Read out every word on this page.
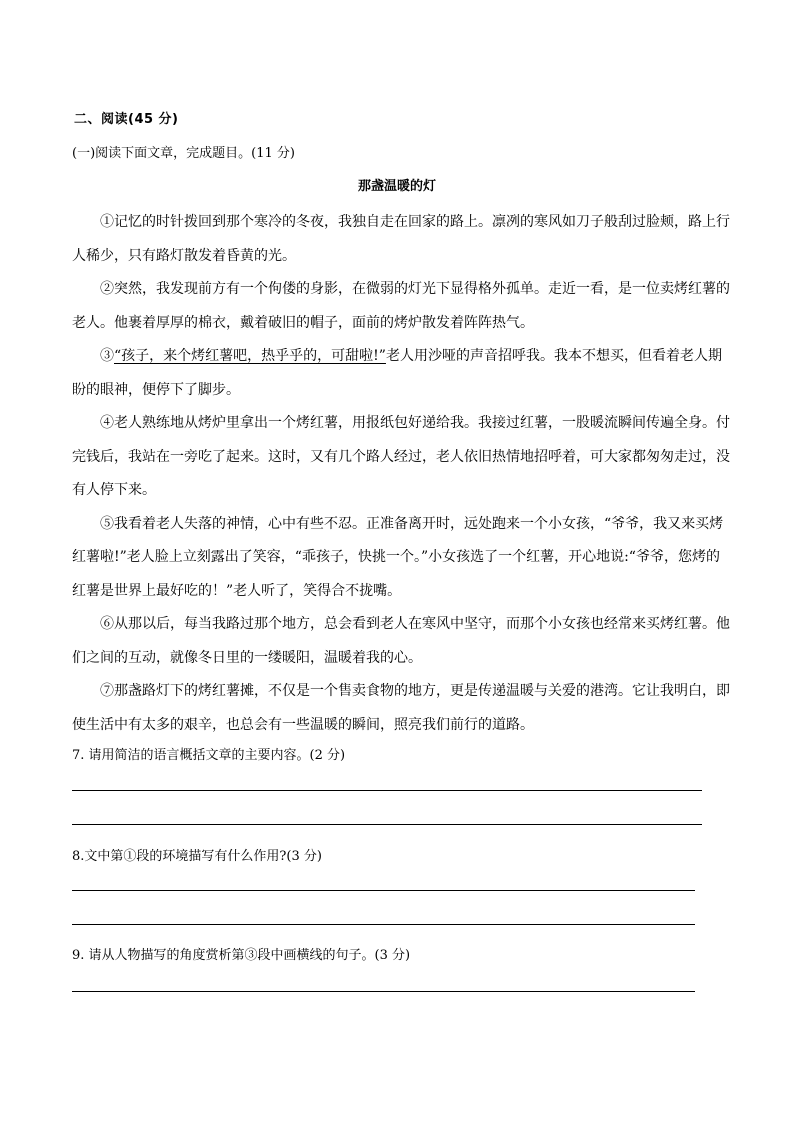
二、阅读(45 分)
(一)阅读下面文章，完成题目。(11 分)
那盏温暖的灯

①记忆的时针拨回到那个寒冷的冬夜，我独自走在回家的路上。凛冽的寒风如刀子般刮过脸颊，路上行人稀少，只有路灯散发着昏黄的光。

②突然，我发现前方有一个佝偻的身影，在微弱的灯光下显得格外孤单。走近一看，是一位卖烤红薯的老人。他裹着厚厚的棉衣，戴着破旧的帽子，面前的烤炉散发着阵阵热气。

③“孩子，来个烤红薯吧，热乎乎的，可甜啦!”老人用沙哑的声音招呼我。我本不想买，但看着老人期盼的眼神，便停下了脚步。

④老人熟练地从烤炉里拿出一个烤红薯，用报纸包好递给我。我接过红薯，一股暖流瞬间传遍全身。付完钱后，我站在一旁吃了起来。这时，又有几个路人经过，老人依旧热情地招呼着，可大家都匆匆走过，没有人停下来。

⑤我看着老人失落的神情，心中有些不忍。正准备离开时，远处跑来一个小女孩，“爷爷，我又来买烤红薯啦!”老人脸上立刻露出了笑容，“乖孩子，快挑一个。”小女孩选了一个红薯，开心地说:“爷爷，您烤的红薯是世界上最好吃的！”老人听了，笑得合不拢嘴。

⑥从那以后，每当我路过那个地方，总会看到老人在寒风中坚守，而那个小女孩也经常来买烤红薯。他们之间的互动，就像冬日里的一缕暖阳，温暖着我的心。

⑦那盏路灯下的烤红薯摊，不仅是一个售卖食物的地方，更是传递温暖与关爱的港湾。它让我明白，即使生活中有太多的艰辛，也总会有一些温暖的瞬间，照亮我们前行的道路。

7. 请用简洁的语言概括文章的主要内容。(2 分)
8.文中第①段的环境描写有什么作用?(3 分)
9. 请从人物描写的角度赏析第③段中画横线的句子。(3 分)
